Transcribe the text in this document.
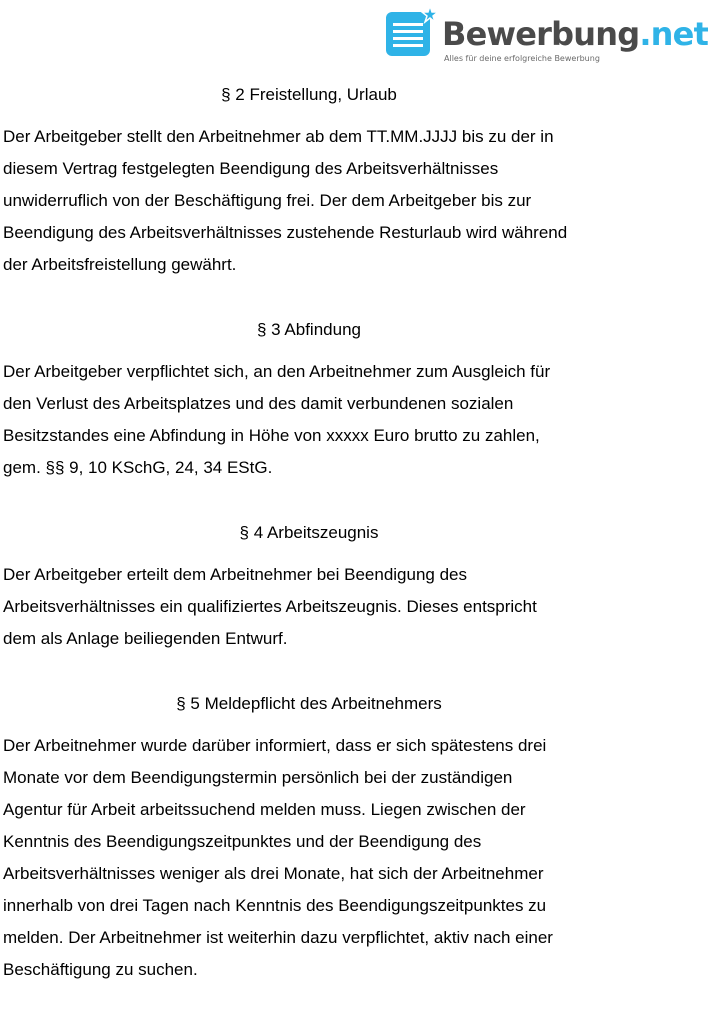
Bewerbung.net
Alles für deine erfolgreiche Bewerbung
§ 2 Freistellung, Urlaub

Der Arbeitgeber stellt den Arbeitnehmer ab dem TT.MM.JJJJ bis zu der in
diesem Vertrag festgelegten Beendigung des Arbeitsverhältnisses
unwiderruflich von der Beschäftigung frei. Der dem Arbeitgeber bis zur
Beendigung des Arbeitsverhältnisses zustehende Resturlaub wird während
der Arbeitsfreistellung gewährt.

§ 3 Abfindung

Der Arbeitgeber verpflichtet sich, an den Arbeitnehmer zum Ausgleich für
den Verlust des Arbeitsplatzes und des damit verbundenen sozialen
Besitzstandes eine Abfindung in Höhe von xxxxx Euro brutto zu zahlen,
gem. §§ 9, 10 KSchG, 24, 34 EStG.

§ 4 Arbeitszeugnis

Der Arbeitgeber erteilt dem Arbeitnehmer bei Beendigung des
Arbeitsverhältnisses ein qualifiziertes Arbeitszeugnis. Dieses entspricht
dem als Anlage beiliegenden Entwurf.

§ 5 Meldepflicht des Arbeitnehmers

Der Arbeitnehmer wurde darüber informiert, dass er sich spätestens drei
Monate vor dem Beendigungstermin persönlich bei der zuständigen
Agentur für Arbeit arbeitssuchend melden muss. Liegen zwischen der
Kenntnis des Beendigungszeitpunktes und der Beendigung des
Arbeitsverhältnisses weniger als drei Monate, hat sich der Arbeitnehmer
innerhalb von drei Tagen nach Kenntnis des Beendigungszeitpunktes zu
melden. Der Arbeitnehmer ist weiterhin dazu verpflichtet, aktiv nach einer
Beschäftigung zu suchen.
